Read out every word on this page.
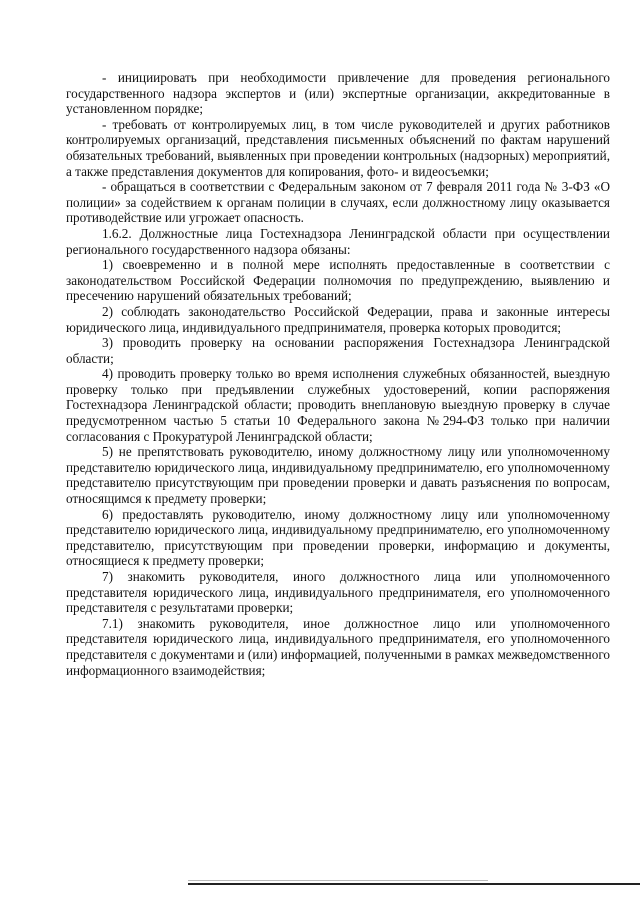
- инициировать при необходимости привлечение для проведения регионального государственного надзора экспертов и (или) экспертные организации, аккредитованные в установленном порядке;

- требовать от контролируемых лиц, в том числе руководителей и других работников контролируемых организаций, представления письменных объяснений по фактам нарушений обязательных требований, выявленных при проведении контрольных (надзорных) мероприятий, а также представления документов для копирования, фото- и видеосъемки;

- обращаться в соответствии с Федеральным законом от 7 февраля 2011 года № 3-ФЗ «О полиции» за содействием к органам полиции в случаях, если должностному лицу оказывается противодействие или угрожает опасность.

1.6.2. Должностные лица Гостехнадзора Ленинградской области при осуществлении регионального государственного надзора обязаны:

1) своевременно и в полной мере исполнять предоставленные в соответствии с законодательством Российской Федерации полномочия по предупреждению, выявлению и пресечению нарушений обязательных требований;

2) соблюдать законодательство Российской Федерации, права и законные интересы юридического лица, индивидуального предпринимателя, проверка которых проводится;

3) проводить проверку на основании распоряжения Гостехнадзора Ленинградской области;

4) проводить проверку только во время исполнения служебных обязанностей, выездную проверку только при предъявлении служебных удостоверений, копии распоряжения Гостехнадзора Ленинградской области; проводить внеплановую выездную проверку в случае предусмотренном частью 5 статьи 10 Федерального закона №294-ФЗ только при наличии согласования с Прокуратурой Ленинградской области;

5) не препятствовать руководителю, иному должностному лицу или уполномоченному представителю юридического лица, индивидуальному предпринимателю, его уполномоченному представителю присутствующим при проведении проверки и давать разъяснения по вопросам, относящимся к предмету проверки;

6) предоставлять руководителю, иному должностному лицу или уполномоченному представителю юридического лица, индивидуальному предпринимателю, его уполномоченному представителю, присутствующим при проведении проверки, информацию и документы, относящиеся к предмету проверки;

7) знакомить руководителя, иного должностного лица или уполномоченного представителя юридического лица, индивидуального предпринимателя, его уполномоченного представителя с результатами проверки;

7.1) знакомить руководителя, иное должностное лицо или уполномоченного представителя юридического лица, индивидуального предпринимателя, его уполномоченного представителя с документами и (или) информацией, полученными в рамках межведомственного информационного взаимодействия;
